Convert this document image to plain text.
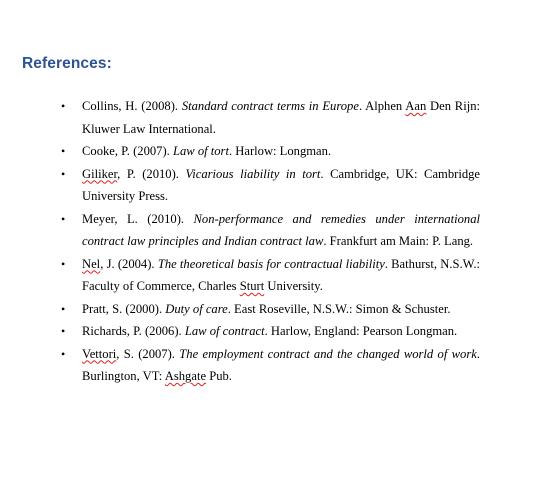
References:
• Collins, H. (2008). Standard contract terms in Europe. Alphen Aan Den Rijn: Kluwer Law International.
• Cooke, P. (2007). Law of tort. Harlow: Longman.
• Giliker, P. (2010). Vicarious liability in tort. Cambridge, UK: Cambridge University Press.
• Meyer, L. (2010). Non-performance and remedies under international contract law principles and Indian contract law. Frankfurt am Main: P. Lang.
• Nel, J. (2004). The theoretical basis for contractual liability. Bathurst, N.S.W.: Faculty of Commerce, Charles Sturt University.
• Pratt, S. (2000). Duty of care. East Roseville, N.S.W.: Simon & Schuster.
• Richards, P. (2006). Law of contract. Harlow, England: Pearson Longman.
• Vettori, S. (2007). The employment contract and the changed world of work. Burlington, VT: Ashgate Pub.
